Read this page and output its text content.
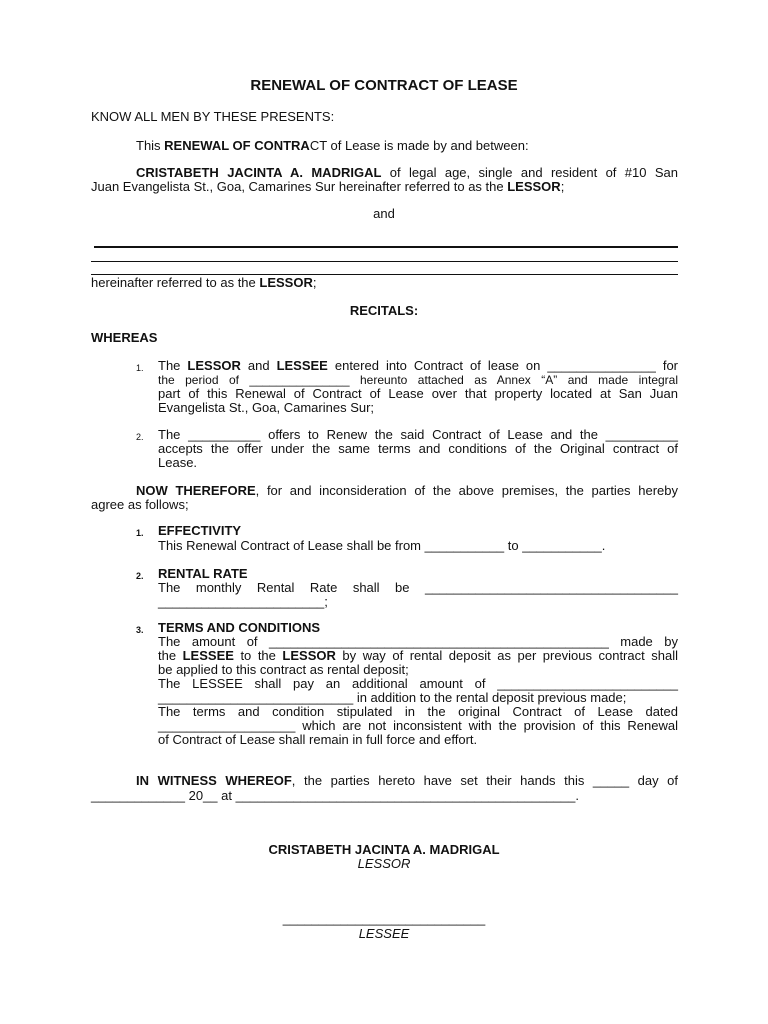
RENEWAL OF CONTRACT OF LEASE
KNOW ALL MEN BY THESE PRESENTS:
This RENEWAL OF CONTRACT of Lease is made by and between:
CRISTABETH JACINTA A. MADRIGAL of legal age, single and resident of #10 San
Juan Evangelista St., Goa, Camarines Sur hereinafter referred to as the LESSOR;
and
hereinafter referred to as the LESSOR;
RECITALS:
WHEREAS
1. The LESSOR and LESSEE entered into Contract of lease on _______________ for
the period of _______________ hereunto attached as Annex “A” and made integral
part of this Renewal of Contract of Lease over that property located at San Juan
Evangelista St., Goa, Camarines Sur;
2. The __________ offers to Renew the said Contract of Lease and the __________
accepts the offer under the same terms and conditions of the Original contract of
Lease.
NOW THEREFORE, for and inconsideration of the above premises, the parties hereby
agree as follows;
1. EFFECTIVITY
This Renewal Contract of Lease shall be from ___________ to ___________.
2. RENTAL RATE
The monthly Rental Rate shall be ___________________________________
_______________________;
3. TERMS AND CONDITIONS
The amount of _______________________________________________ made by
the LESSEE to the LESSOR by way of rental deposit as per previous contract shall
be applied to this contract as rental deposit;
The LESSEE shall pay an additional amount of _________________________
___________________________ in addition to the rental deposit previous made;
The terms and condition stipulated in the original Contract of Lease dated
___________________ which are not inconsistent with the provision of this Renewal
of Contract of Lease shall remain in full force and effort.
IN WITNESS WHEREOF, the parties hereto have set their hands this _____ day of
_____________ 20__ at _______________________________________________.
CRISTABETH JACINTA A. MADRIGAL
LESSOR
____________________________
LESSEE
